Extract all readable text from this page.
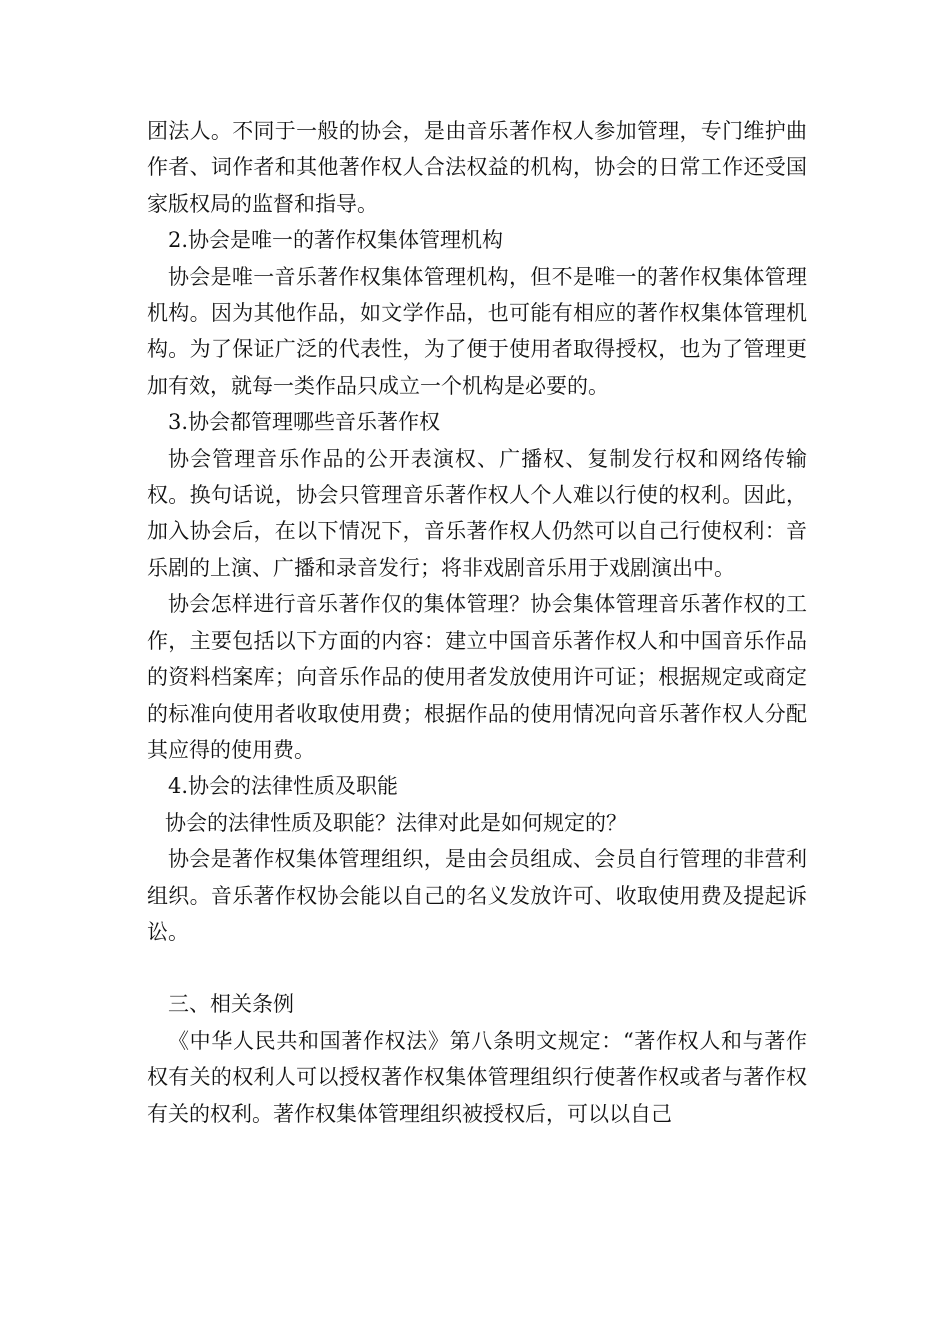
团法人。不同于一般的协会，是由音乐著作权人参加管理，专门维护曲作者、词作者和其他著作权人合法权益的机构，协会的日常工作还受国家版权局的监督和指导。

2.协会是唯一的著作权集体管理机构

协会是唯一音乐著作权集体管理机构，但不是唯一的著作权集体管理机构。因为其他作品，如文学作品，也可能有相应的著作权集体管理机构。为了保证广泛的代表性，为了便于使用者取得授权，也为了管理更加有效，就每一类作品只成立一个机构是必要的。

3.协会都管理哪些音乐著作权

协会管理音乐作品的公开表演权、广播权、复制发行权和网络传输权。换句话说，协会只管理音乐著作权人个人难以行使的权利。因此，加入协会后，在以下情况下，音乐著作权人仍然可以自己行使权利：音乐剧的上演、广播和录音发行；将非戏剧音乐用于戏剧演出中。

协会怎样进行音乐著作仅的集体管理？协会集体管理音乐著作权的工作，主要包括以下方面的内容：建立中国音乐著作权人和中国音乐作品的资料档案库；向音乐作品的使用者发放使用许可证；根据规定或商定的标准向使用者收取使用费；根据作品的使用情况向音乐著作权人分配其应得的使用费。

4.协会的法律性质及职能

协会的法律性质及职能？法律对此是如何规定的？

协会是著作权集体管理组织，是由会员组成、会员自行管理的非营利组织。音乐著作权协会能以自己的名义发放许可、收取使用费及提起诉讼。

三、相关条例

《中华人民共和国著作权法》第八条明文规定：“著作权人和与著作权有关的权利人可以授权著作权集体管理组织行使著作权或者与著作权有关的权利。著作权集体管理组织被授权后，可以以自己
